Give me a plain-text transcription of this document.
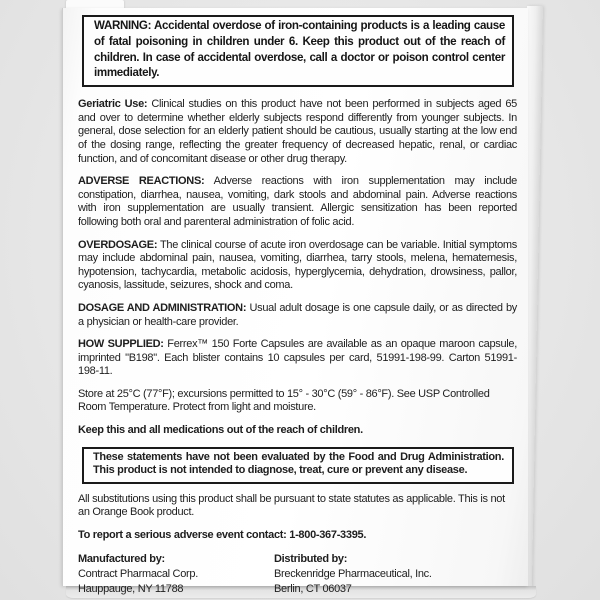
WARNING: Accidental overdose of iron-containing products is a leading cause of fatal poisoning in children under 6. Keep this product out of the reach of children. In case of accidental overdose, call a doctor or poison control center immediately.

Geriatric Use: Clinical studies on this product have not been performed in subjects aged 65 and over to determine whether elderly subjects respond differently from younger subjects. In general, dose selection for an elderly patient should be cautious, usually starting at the low end of the dosing range, reflecting the greater frequency of decreased hepatic, renal, or cardiac function, and of concomitant disease or other drug therapy.

ADVERSE REACTIONS: Adverse reactions with iron supplementation may include constipation, diarrhea, nausea, vomiting, dark stools and abdominal pain. Adverse reactions with iron supplementation are usually transient. Allergic sensitization has been reported following both oral and parenteral administration of folic acid.

OVERDOSAGE: The clinical course of acute iron overdosage can be variable. Initial symptoms may include abdominal pain, nausea, vomiting, diarrhea, tarry stools, melena, hematemesis, hypotension, tachycardia, metabolic acidosis, hyperglycemia, dehydration, drowsiness, pallor, cyanosis, lassitude, seizures, shock and coma.

DOSAGE AND ADMINISTRATION: Usual adult dosage is one capsule daily, or as directed by a physician or health-care provider.

HOW SUPPLIED: Ferrex™ 150 Forte Capsules are available as an opaque maroon capsule, imprinted "B198". Each blister contains 10 capsules per card, 51991-198-99. Carton 51991-198-11.

Store at 25°C (77°F); excursions permitted to 15° - 30°C (59° - 86°F). See USP Controlled Room Temperature. Protect from light and moisture.

Keep this and all medications out of the reach of children.

These statements have not been evaluated by the Food and Drug Administration. This product is not intended to diagnose, treat, cure or prevent any disease.

All substitutions using this product shall be pursuant to state statutes as applicable. This is not an Orange Book product.

To report a serious adverse event contact: 1-800-367-3395.

Manufactured by:

Contract Pharmacal Corp.

Hauppauge, NY 11788

Distributed by:

Breckenridge Pharmaceutical, Inc.

Berlin, CT 06037
